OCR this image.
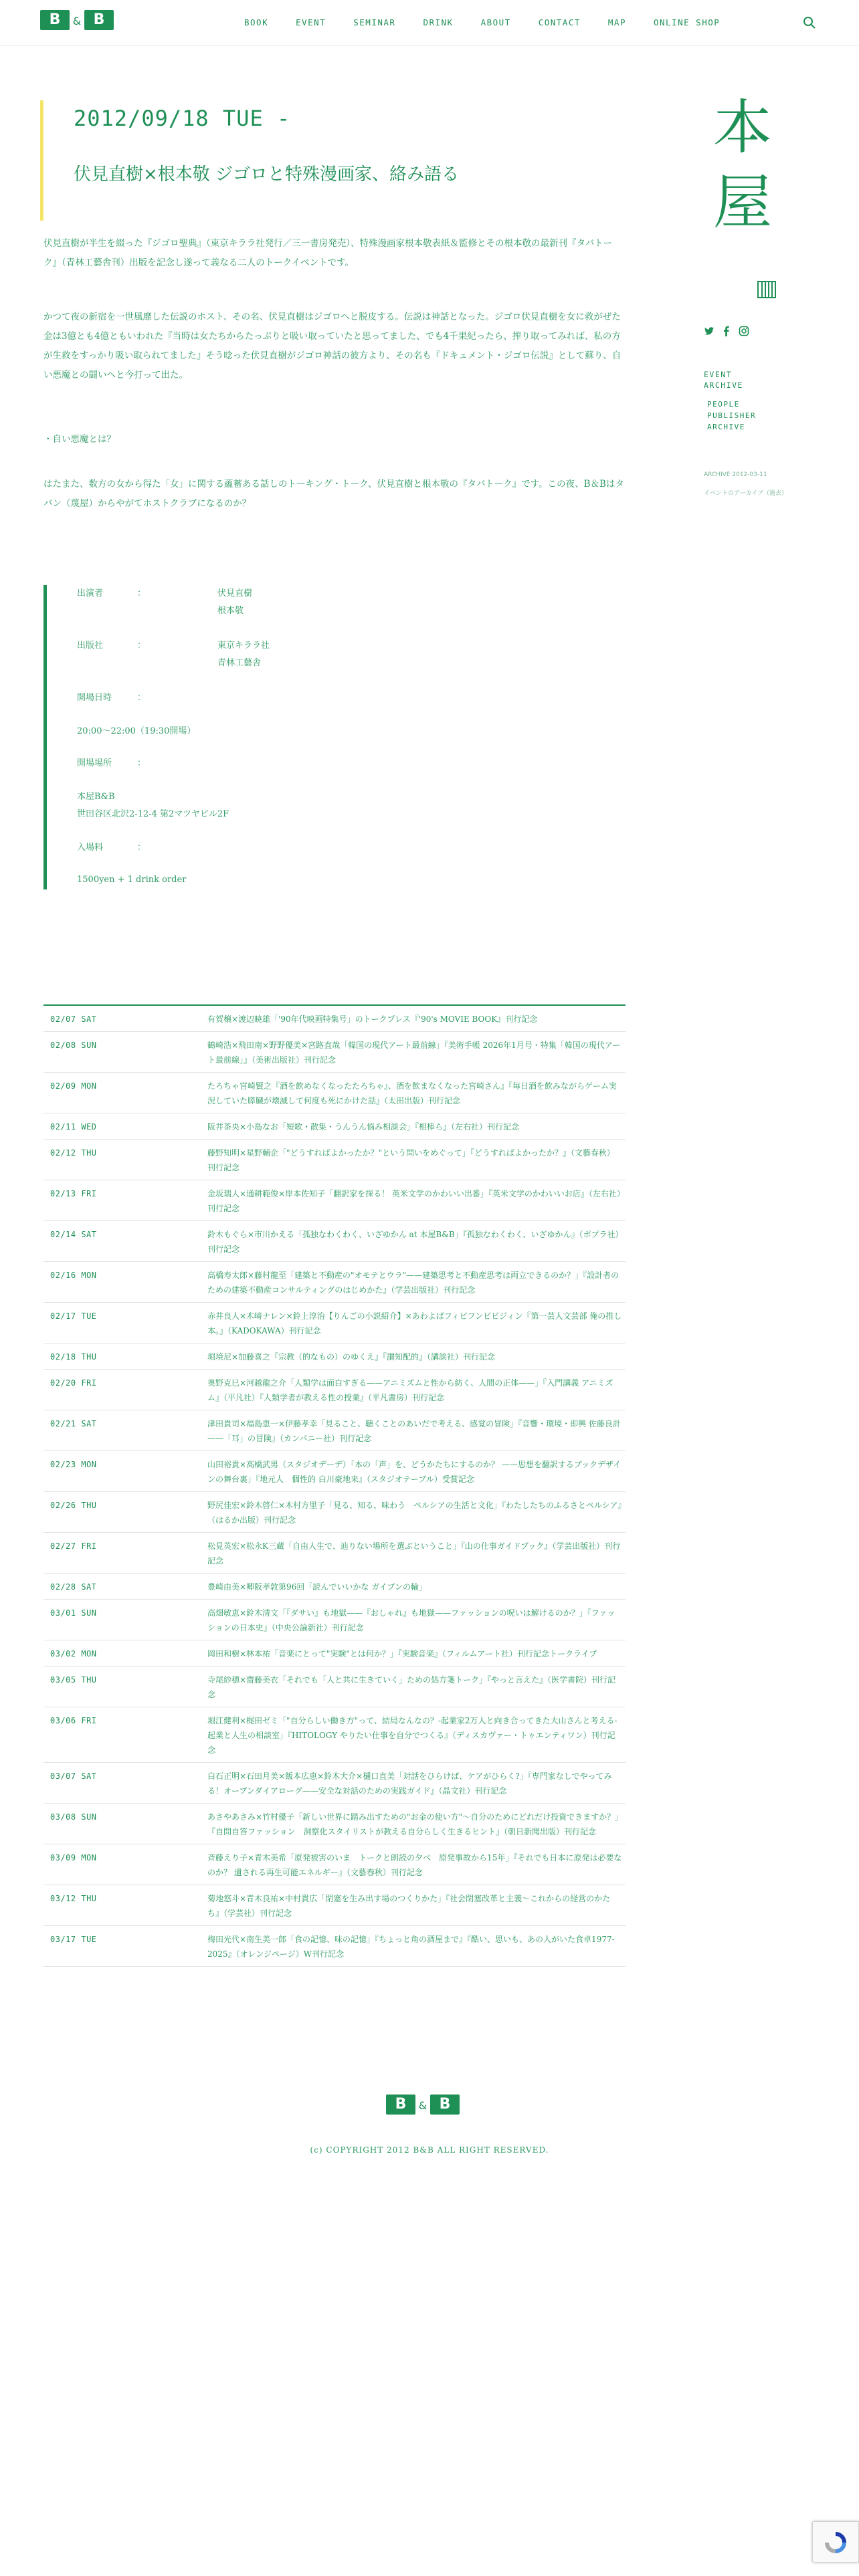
B & B	BOOK	EVENT	SEMINAR	DRINK	ABOUT	CONTACT	MAP	ONLINE SHOP
本屋
EVENT
ARCHIVE
PEOPLE
PUBLISHER
ARCHIVE
ARCHIVE 2012-03-11
イベントのアーカイブ（過去）
2012/09/18 TUE -
伏見直樹×根本敬 ジゴロと特殊漫画家、絡み語る

伏見直樹が半生を綴った『ジゴロ聖典』（東京キララ社発行／三一書房発売）、特殊漫画家根本敬表紙＆監修とその根本敬の最新刊『タバトーク』（青林工藝舎刊）出版を記念し遂って義なる二人のトークイベントです。

かつて夜の新宿を一世風靡した伝説のホスト、その名、伏見直樹はジゴロへと脱皮する。伝説は神話となった。ジゴロ伏見直樹を女に救がぜた金は3億とも4億ともいわれた『当時は女たちからたっぷりと吸い取っていたと思ってました、でも4千果紀ったら、搾り取ってみれば、私の方が生救をすっかり吸い取られてました』そう唸った伏見直樹がジゴロ神話の彼方より、その名も『ドキュメント・ジゴロ伝説』として蘇り、自い悪魔との闘いへと今打って出た。

・自い悪魔とは？

はたまた、数方の女から得た「女」に関する蘊蓄ある話しのトーキング・トーク、伏見直樹と根本敬の『タバトーク』です。この夜、B＆Bはタバン（蔑屋）からやがてホストクラブになるのか？

出演者	：	伏見直樹
根本敬
出版社	：	東京キララ社
青林工藝舎
開場日時	：
20:00～22:00（19:30開場）
開場場所	：
本屋B&B
世田谷区北沢2-12-4 第2マツヤビル2F
入場料	：
1500yen + 1 drink order
02/07 SAT	有賀穣×渡辺暁雄「'90年代映画特集号」のトークプレス『'90's MOVIE BOOK』刊行記念
02/08 SUN	鶴崎浩×飛田南×野野優美×宮路直哉「韓国の現代アート最前線」『美術手帳 2026年1月号・特集「韓国の現代アート最前線」』（美術出版社）刊行記念
02/09 MON	たろちゃ宮崎賢之『酒を飲めなくなったたろちゃ』、酒を飲まなくなった宮崎さん』『毎日酒を飲みながらゲーム実況していた膵臓が壊滅して何度も死にかけた話』（太田出版）刊行記念
02/11 WED	阪井茶央×小島なお「短歌・散集・うんうん悩み相談会」『相棒ら』（左右社）刊行記念
02/12 THU	藤野知明×星野輔企「"どうすればよかったか？"という問いをめぐって」『どうすればよかったか？』（文藝春秋）刊行記念
02/13 FRI	金坂瑞人×通耕範俊×岸本佐知子「翻訳家を探る！ 英米文学のかわいい出番」『英米文学のかわいいお店』（左右社）刊行記念
02/14 SAT	鈴木もぐら×市川かえる「孤独なわくわく、いざゆかん at 本屋B&B」『孤独なわくわく、いざゆかん』（ポプラ社）刊行記念
02/16 MON	高橋寿太郎×藤村龍至「建築と不動産の"オモテとウラ"——建築思考と不動産思考は両立できるのか？」『設計者のための建築不動産コンサルティングのはじめかた』（学芸出版社）刊行記念
02/17 TUE	赤井良人×木﨑ナレン×鈴上淳治【りんごの小説紹介】×あわよばフィビフンビビジィン『第一芸人文芸部 俺の推し本。』（KADOKAWA）刊行記念
02/18 THU	堀境尼×加藤喜之『宗教（的なもの）のゆくえ』『讃知配的』（講談社）刊行記念
02/20 FRI	奥野克巳×河越龍之介「人類学は面白すぎる——アニミズムと性から紡く、人間の正体——」『入門講義 アニミズム』（平凡社）『人類学者が教える性の授業』（平凡書房）刊行記念
02/21 SAT	津田貴司×福島恵一×伊藤孝幸「見ること、聴くことのあいだで考える、感覚の冒険」『音響・環境・即興 佐藤良計——「耳」の冒険』（カンパニー社）刊行記念
02/23 MON	山田裕貴×高橋武男（スタジオデーデ）「本の「声」を、どうかたちにするのか？ ——思想を翻訳するブックデザインの舞台裏」『地元人　個性的 白川豪地来』（スタジオテーブル）受賞記念
02/26 THU	野尻佳宏×鈴木啓仁×木村方里子「見る、知る、味わう　ペルシアの生活と文化」『わたしたちのふるさとペルシア』（はるか出版）刊行記念
02/27 FRI	松見英宏×松永K三蔵「自由人生で、辿りない場所を選ぶということ」『山の仕事ガイドブック』（学芸出版社）刊行記念
02/28 SAT	豊崎由美×卿阪孝敦第96回「読んでいいかな ガイブンの輪」
03/01 SUN	高畑敏恵×鈴木清文「『ダサい』も地獄——『おしゃれ』も地獄——ファッションの呪いは解けるのか？」『ファッションの日本史』（中央公論新社）刊行記念
03/02 MON	岡田和樹×林本祐「音楽にとって"実験"とは何か？」『実験音楽』（フィルムアート社）刊行記念トークライブ
03/05 THU	寺尾紗穂×齋藤美衣「それでも「人と共に生きていく」ための処方箋トーク」『やっと言えた』（医学書院）刊行記念
03/06 FRI	堀江健利×梶田ゼミ「"自分らしい働き方"って、結局なんなの？-起業家2万人と向き合ってきた大山さんと考える-起業と人生の相談室」『HITOLOGY やりたい仕事を自分でつくる』（ディスカヴァー・トゥエンティワン）刊行記念
03/07 SAT	白石正明×石田月美×飯本広恵×鈴木大介×樋口直美「対話をひらけば、ケアがひらく?」『専門家なしでやってみる！オープンダイアローグ——安全な対話のための実践ガイド』（晶文社）刊行記念
03/08 SUN	あさやあさみ×竹村優子「新しい世界に踏み出すための"お金の使い方"〜自分のためにどれだけ投資できますか？」『自問自答ファッション　洞察化スタイリストが教える自分らしく生きるヒント』（朝日新聞出版）刊行記念
03/09 MON	斉藤えり子×青木美希「原発被害のいま　トークと朗読の夕べ　原発事故から15年」『それでも日本に原発は必要なのか？ 遺される再生可能エネルギー』（文藝春秋）刊行記念
03/12 THU	菊地悠斗×青木良祐×中村貴広「閉塞を生み出す場のつくりかた」『社会閉塞改革と主義〜これからの経営のかたち』（学芸社）刊行記念
03/17 TUE	梅田光代×南生美一郎「食の記憶、味の記憶」『ちょっと角の酒屋まで』『酷い、思いも、あの人がいた食卓1977-2025』（オレンジページ）W刊行記念
B & B
(c) COPYRIGHT 2012 B&B ALL RIGHT RESERVED.
